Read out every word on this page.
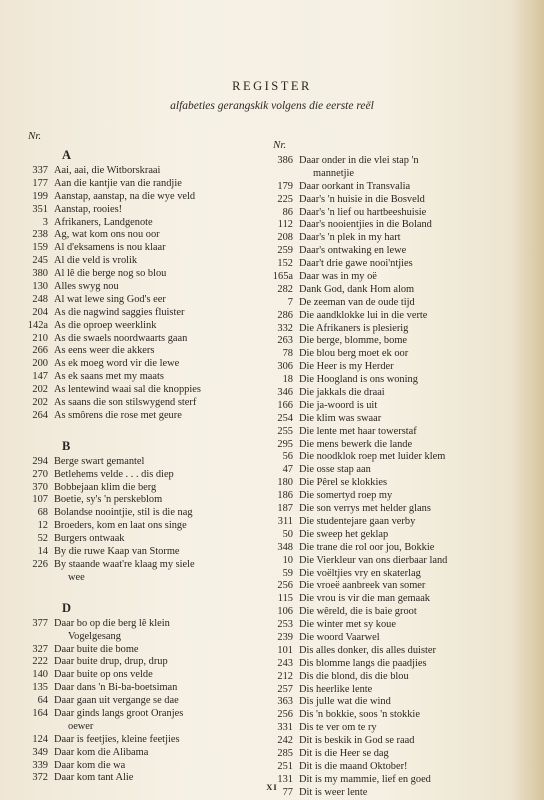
REGISTER
alfabeties gerangskik volgens die eerste reël
Nr.
A
337 Aai, aai, die Witborskraai
177 Aan die kantjie van die randjie
199 Aanstap, aanstap, na die wye veld
351 Aanstap, rooies!
3 Afrikaners, Landgenote
238 Ag, wat kom ons nou oor
159 Al d'eksamens is nou klaar
245 Al die veld is vrolik
380 Al lê die berge nog so blou
130 Alles swyg nou
248 Al wat lewe sing God's eer
204 As die nagwind saggies fluister
142a As die oproep weerklink
210 As die swaels noordwaarts gaan
266 As eens weer die akkers
200 As ek moeg word vir die lewe
147 As ek saans met my maats
202 As lentewind waai sal die knoppies
202 As saans die son stilswygend sterf
264 As smôrens die rose met geure
B
294 Berge swart gemantel
270 Betlehems velde . . . dis diep
370 Bobbejaan klim die berg
107 Boetie, sy's 'n perskeblom
68 Bolandse noointjie, stil is die nag
12 Broeders, kom en laat ons singe
52 Burgers ontwaak
14 By die ruwe Kaap van Storme
226 By staande waat're klaag my siele
wee
D
377 Daar bo op die berg lê klein
Vogelgesang
327 Daar buite die bome
222 Daar buite drup, drup, drup
140 Daar buite op ons velde
135 Daar dans 'n Bi-ba-boetsiman
64 Daar gaan uit vergange se dae
164 Daar ginds langs groot Oranjes
oewer
124 Daar is feetjies, kleine feetjies
349 Daar kom die Alibama
339 Daar kom die wa
372 Daar kom tant Alie
Nr.
386 Daar onder in die vlei stap 'n
mannetjie
179 Daar oorkant in Transvalia
225 Daar's 'n huisie in die Bosveld
86 Daar's 'n lief ou hartbeeshuisie
112 Daar's nooientjies in die Boland
208 Daar's 'n plek in my hart
259 Daar's ontwaking en lewe
152 Daar't drie gawe nooi'ntjies
165a Daar was in my oë
282 Dank God, dank Hom alom
7 De zeeman van de oude tijd
286 Die aandklokke lui in die verte
332 Die Afrikaners is plesierig
263 Die berge, blomme, bome
78 Die blou berg moet ek oor
306 Die Heer is my Herder
18 Die Hoogland is ons woning
346 Die jakkals die draai
166 Die ja-woord is uit
254 Die klim was swaar
255 Die lente met haar towerstaf
295 Die mens bewerk die lande
56 Die noodklok roep met luider klem
47 Die osse stap aan
180 Die Pêrel se klokkies
186 Die somertyd roep my
187 Die son verrys met helder glans
311 Die studentejare gaan verby
50 Die sweep het geklap
348 Die trane die rol oor jou, Bokkie
10 Die Vierkleur van ons dierbaar land
59 Die voëltjies vry en skaterlag
256 Die vroeë aanbreek van somer
115 Die vrou is vir die man gemaak
106 Die wêreld, die is baie groot
253 Die winter met sy koue
239 Die woord Vaarwel
101 Dis alles donker, dis alles duister
243 Dis blomme langs die paadjies
212 Dis die blond, dis die blou
257 Dis heerlike lente
363 Dis julle wat die wind
256 Dis 'n bokkie, soos 'n stokkie
331 Dis te ver om te ry
242 Dit is beskik in God se raad
285 Dit is die Heer se dag
251 Dit is die maand Oktober!
131 Dit is my mammie, lief en goed
77 Dit is weer lente
XI
